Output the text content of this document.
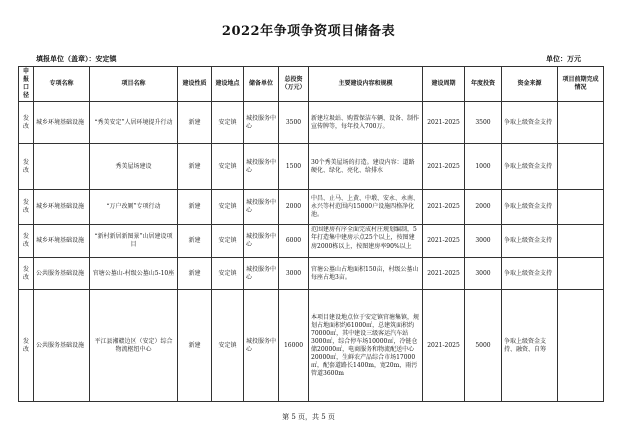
2022年争项争资项目储备表
填报单位（盖章）：安定镇	单位：万元
申报口径	专项名称	项目名称	建设性质	建设地点	储备单位	总投资（万元）	主要建设内容和规模	建设周期	年度投资	资金来源	项目前期完成情况
发改	城乡环境基础设施	“秀美安定”人居环境提升行动	新建	安定镇	城投服务中心	3500	新建垃圾站、购置保洁车辆、设备、制作宣传牌等，每年投入700万。	2021-2025	3500	争取上级资金支持	
发改		秀美屋场建设	新建	安定镇	城投服务中心	1500	30个秀美屋场的打造。建设内容：道路硬化、绿化、亮化、给排水	2021-2025	1000	争取上级资金支持	
发改	城乡环境基础设施	“万户改厕”专项行动	新建	安定镇	城投服务中心	2000	中昌、止马、上黄、中塅、安永、永南、永兴等村范围内15000户设施四格净化池。	2021-2025	2000	争取上级资金支持	
发改	城乡环境基础设施	“新村新居新图景”山居建设项目	新建	安定镇	城投服务中心	6000	范围建房有序全面完成村庄规划编制，5年打造集中建房示点25个以上，按图建房2000栋以上，按图建房率90%以上	2021-2025	3000	争取上级资金支持	
发改	公共服务基础设施	官塘公墓山-村级公墓山5-10座	新建	安定镇	城投服务中心	3000	官塘公墓山占地面积150亩，村级公墓山每座占地3亩。	2021-2025	3000	争取上级资金支持	
发改	公共服务基础设施	平江县湘赣边区（安定）综合物流枢纽中心	新建	安定镇	城投服务中心	16000	本项目建设地点位于安定镇官塘集镇，规划占地面积约61000㎡，总建筑面积约70000㎡，其中建设三级客运汽车站3000㎡，综合停车场10000㎡，冷链仓储20000㎡，电商服务和物流配送中心20000㎡，生鲜农产品综合市场17000㎡，配套道路长1400m，宽20m，雨污管道3600m	2021-2025	5000	争取上级资金支持、融资、自筹	
第 5 页，共 5 页
